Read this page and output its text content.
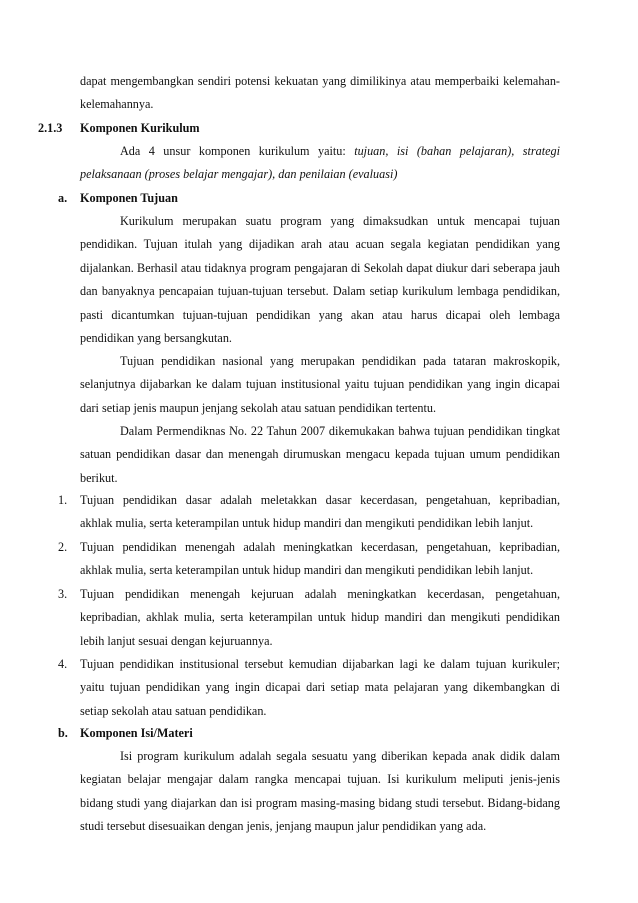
dapat mengembangkan sendiri potensi kekuatan yang dimilikinya atau memperbaiki kelemahan-kelemahannya.
2.1.3 Komponen Kurikulum
Ada 4 unsur komponen kurikulum yaitu: tujuan, isi (bahan pelajaran), strategi pelaksanaan (proses belajar mengajar), dan penilaian (evaluasi)
a. Komponen Tujuan
Kurikulum merupakan suatu program yang dimaksudkan untuk mencapai tujuan pendidikan. Tujuan itulah yang dijadikan arah atau acuan segala kegiatan pendidikan yang dijalankan. Berhasil atau tidaknya program pengajaran di Sekolah dapat diukur dari seberapa jauh dan banyaknya pencapaian tujuan-tujuan tersebut. Dalam setiap kurikulum lembaga pendidikan, pasti dicantumkan tujuan-tujuan pendidikan yang akan atau harus dicapai oleh lembaga pendidikan yang bersangkutan.
Tujuan pendidikan nasional yang merupakan pendidikan pada tataran makroskopik, selanjutnya dijabarkan ke dalam tujuan institusional yaitu tujuan pendidikan yang ingin dicapai dari setiap jenis maupun jenjang sekolah atau satuan pendidikan tertentu.
Dalam Permendiknas No. 22 Tahun 2007 dikemukakan bahwa tujuan pendidikan tingkat satuan pendidikan dasar dan menengah dirumuskan mengacu kepada tujuan umum pendidikan berikut.
1. Tujuan pendidikan dasar adalah meletakkan dasar kecerdasan, pengetahuan, kepribadian,
akhlak mulia, serta keterampilan untuk hidup mandiri dan mengikuti pendidikan lebih lanjut.
2. Tujuan pendidikan menengah adalah meningkatkan kecerdasan, pengetahuan, kepribadian,
akhlak mulia, serta keterampilan untuk hidup mandiri dan mengikuti pendidikan lebih lanjut.
3. Tujuan pendidikan menengah kejuruan adalah meningkatkan kecerdasan, pengetahuan,
kepribadian, akhlak mulia, serta keterampilan untuk hidup mandiri dan mengikuti pendidikan lebih lanjut sesuai dengan kejuruannya.
4. Tujuan pendidikan institusional tersebut kemudian dijabarkan lagi ke dalam tujuan kurikuler;
yaitu tujuan pendidikan yang ingin dicapai dari setiap mata pelajaran yang dikembangkan di setiap sekolah atau satuan pendidikan.
b. Komponen Isi/Materi
Isi program kurikulum adalah segala sesuatu yang diberikan kepada anak didik dalam kegiatan belajar mengajar dalam rangka mencapai tujuan. Isi kurikulum meliputi jenis-jenis bidang studi yang diajarkan dan isi program masing-masing bidang studi tersebut. Bidang-bidang studi tersebut disesuaikan dengan jenis, jenjang maupun jalur pendidikan yang ada.
